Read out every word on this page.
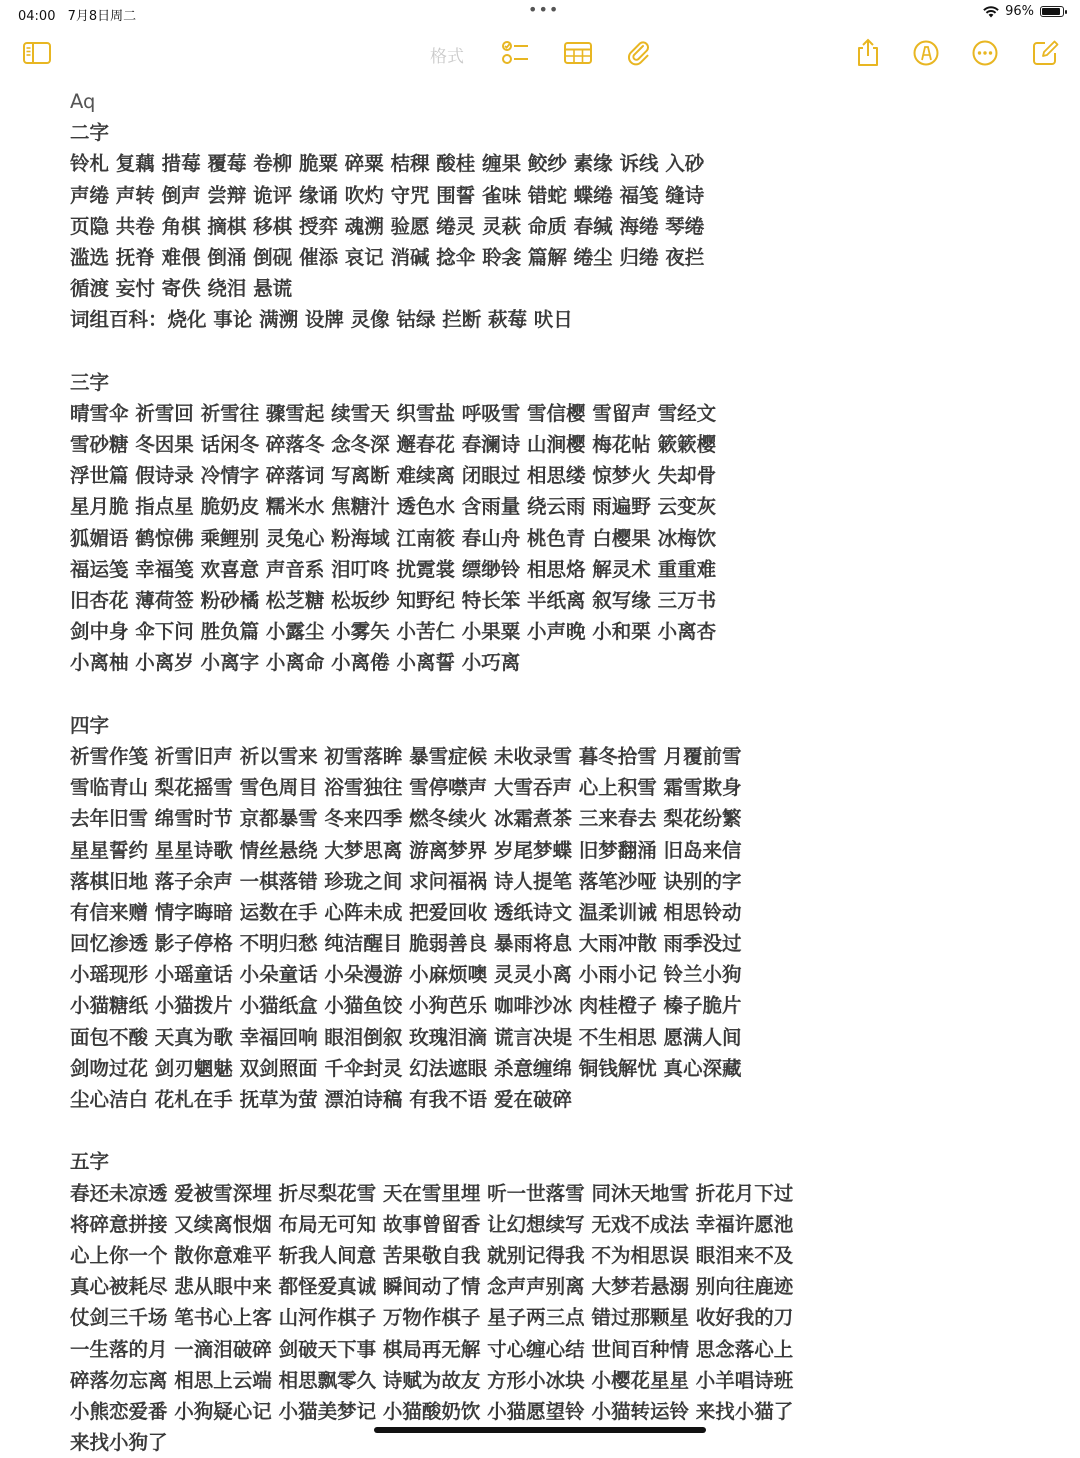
04:00 7月8日周二	•••	96%
格式
Aq
二字
铃札 复藕 措莓 覆莓 卷柳 脆粟 碎粟 桔稞 酸桂 缠果 鲛纱 素缘 诉线 入砂
声绻 声转 倒声 尝辩 诡评 缘诵 吹灼 守咒 围誓 雀味 错蛇 蝶绻 福笺 缝诗
页隐 共卷 角棋 摘棋 移棋 授弈 魂溯 验愿 绻灵 灵萩 命质 春缄 海绻 琴绻
滥选 抚脊 难偎 倒涌 倒砚 催添 哀记 消碱 捻伞 聆衾 篇解 绻尘 归绻 夜拦
循渡 妄忖 寄佚 绕泪 悬谎
词组百科：烧化 事论 满溯 设牌 灵像 钴绿 拦断 萩莓 吠日
三字
晴雪伞 祈雪回 祈雪往 骤雪起 续雪天 织雪盐 呼吸雪 雪信樱 雪留声 雪经文
雪砂糖 冬因果 话闲冬 碎落冬 念冬深 邂春花 春澜诗 山涧樱 梅花帖 簌簌樱
浮世篇 假诗录 冷情字 碎落词 写离断 难续离 闭眼过 相思缕 惊梦火 失却骨
星月脆 指点星 脆奶皮 糯米水 焦糖汁 透色水 含雨量 绕云雨 雨遍野 云变灰
狐媚语 鹤惊佛 乘鲤别 灵兔心 粉海域 江南筱 春山舟 桃色青 白樱果 冰梅饮
福运笺 幸福笺 欢喜意 声音系 泪叮咚 扰霓裳 缥缈铃 相思烙 解灵术 重重难
旧杏花 薄荷签 粉砂橘 松芝糖 松坂纱 知野纪 特长笨 半纸离 叙写缘 三万书
剑中身 伞下问 胜负篇 小露尘 小雾矢 小苦仁 小果粟 小声晚 小和栗 小离杏
小离柚 小离岁 小离字 小离命 小离倦 小离誓 小巧离
四字
祈雪作笺 祈雪旧声 祈以雪来 初雪落眸 暴雪症候 未收录雪 暮冬拾雪 月覆前雪
雪临青山 梨花摇雪 雪色周目 浴雪独往 雪停噤声 大雪吞声 心上积雪 霜雪欺身
去年旧雪 绵雪时节 京都暴雪 冬来四季 燃冬续火 冰霜煮茶 三来春去 梨花纷繁
星星誓约 星星诗歌 情丝悬绕 大梦思离 游离梦界 岁尾梦蝶 旧梦翻涌 旧岛来信
落棋旧地 落子余声 一棋落错 珍珑之间 求问福祸 诗人提笔 落笔沙哑 诀别的字
有信来赠 情字晦暗 运数在手 心阵未成 把爱回收 透纸诗文 温柔训诫 相思铃动
回忆渗透 影子停格 不明归愁 纯洁醒目 脆弱善良 暴雨将息 大雨冲散 雨季没过
小瑶现形 小瑶童话 小朵童话 小朵漫游 小麻烦噢 灵灵小离 小雨小记 铃兰小狗
小猫糖纸 小猫拨片 小猫纸盒 小猫鱼饺 小狗芭乐 咖啡沙冰 肉桂橙子 榛子脆片
面包不酸 天真为歌 幸福回响 眼泪倒叙 玫瑰泪滴 谎言决堤 不生相思 愿满人间
剑吻过花 剑刃魍魅 双剑照面 千伞封灵 幻法遮眼 杀意缠绵 铜钱解忧 真心深藏
尘心洁白 花札在手 抚草为萤 漂泊诗稿 有我不语 爱在破碎
五字
春还未凉透 爱被雪深埋 折尽梨花雪 天在雪里埋 听一世落雪 同沐天地雪 折花月下过
将碎意拼接 又续离恨烟 布局无可知 故事曾留香 让幻想续写 无戏不成法 幸福许愿池
心上你一个 散你意难平 斩我人间意 苦果敬自我 就别记得我 不为相思误 眼泪来不及
真心被耗尽 悲从眼中来 都怪爱真诚 瞬间动了情 念声声别离 大梦若悬溺 别向往鹿迹
仗剑三千场 笔书心上客 山河作棋子 万物作棋子 星子两三点 错过那颗星 收好我的刀
一生落的月 一滴泪破碎 剑破天下事 棋局再无解 寸心缠心结 世间百种情 思念落心上
碎落勿忘离 相思上云端 相思飘零久 诗赋为故友 方形小冰块 小樱花星星 小羊唱诗班
小熊恋爱番 小狗疑心记 小猫美梦记 小猫酸奶饮 小猫愿望铃 小猫转运铃 来找小猫了
来找小狗了
